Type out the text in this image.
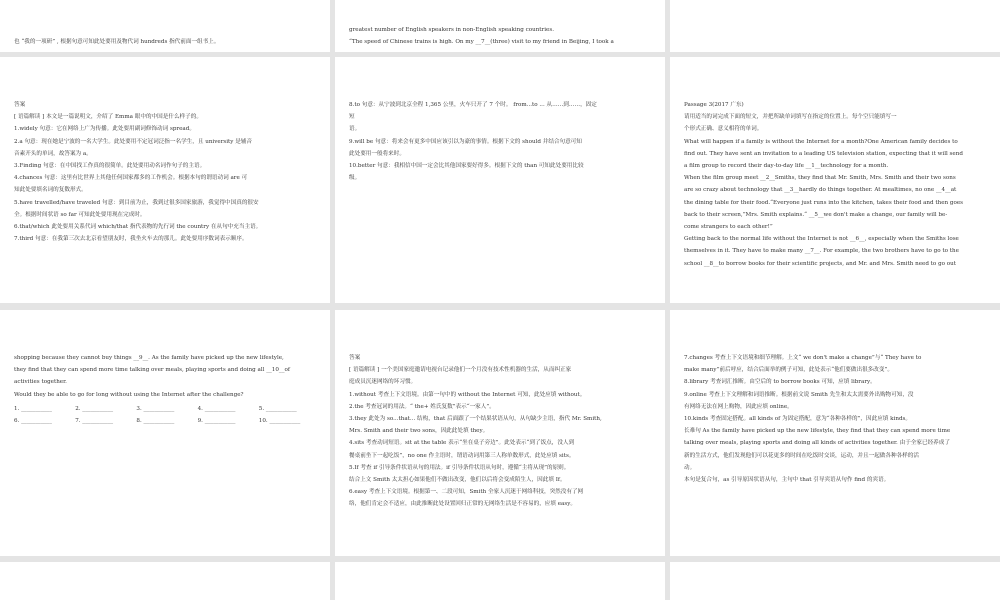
也 “我的一项研” , 根据句意可知此处要用及物代词 hundreds 指代前面一组书上。

greatest number of English speakers in non-English speaking countries.

“The speed of Chinese trains is high. On my __7__(three) visit to my friend in Beijing, I took a

答案

[ 语篇解读 ] 本文是一篇说明文，介绍了 Emma 眼中的中国是什么样子的。

1.widely 句意：它在网络上广为传播。此处要用副词修饰动词 spread。

2.a 句意：现在她是宁波的一名大学生。此处要用不定冠词泛指一名学生，且 university 是辅音

音素开头的单词，故答案为 a。

3.Finding 句意：在中国找工作真的很简单。此处要用动名词作句子的主语。

4.chances 句意：这里有比世界上其他任何国家都多的工作机会。根据本句的谓语动词 are 可

知此处要填名词的复数形式。

5.have travelled/have traveled 句意：到目前为止，我到过很多国家旅游，我觉得中国真的很安

全。根据时间状语 so far 可知此处要用现在完成时。

6.that/which 此处要用关系代词 which/that 指代表物的先行词 the country 在从句中充当主语。

7.third 句意：在我第三次去北京看望朋友时，我坐火车去的那儿。此处要用序数词表示顺序。

8.to 句意：从宁波到北京全程 1,365 公里，火车只开了 7 个时。 from...to ... 从……到……，固定

短

语。

9.will be 句意：将来会有更多中国应该引以为豪的事情。根据下文的 should 并结合句意可知

此处要用一般将来时。

10.better 句意：我相信中国一定会比其他国家要好得多。根据下文的 than 可知此处要用比较

级。

Passage 3(2017 广东)

请用适当的词完成下面的短文，并把所缺单词填写在指定的位置上。每个空只能填写一

个形式正确、意义相符的单词。

What will happen if a family is without the Internet for a month?One American family decides to

find out. They have sent an invitation to a leading US television station, expecting that it will send

a film group to record their day-to-day life __1__technology for a month.

When the film group meet __2__Smiths, they find that Mr. Smith, Mrs. Smith and their two sons

are so crazy about technology that __3__hardly do things together. At mealtimes, no one __4__at

the dining table for their food.“Everyone just runs into the kitchen, takes their food and then goes

back to their screen,”Mrs. Smith explains.“ __5__we don't make a change, our family will be-

come strangers to each other!”

Getting back to the normal life without the Internet is not __6__, especially when the Smiths lose

themselves in it. They have to make many __7__. For example, the two brothers have to go to the

school __8__to borrow books for their scientific projects, and Mr. and Mrs. Smith need to go out

shopping because they cannot buy things __9__. As the family have picked up the new lifestyle,

they find that they can spend more time talking over meals, playing sports and doing all __10__of

activities together.

Would they be able to go for long without using the Internet after the challenge?

1. ___________	2. ___________	3. ___________	4. ___________	5. ___________
6. ___________	7. ___________	8. ___________	9. ___________	10. ___________

答案

[ 语篇解读 ] 一个美国家庭邀请电视台记录他们一个月没有技术性机器的生活，从而纠正家

庭成员沉迷网络的坏习惯。

1.without 考查上下文语境。由第一句中的 without the Internet 可知，此处应填 without。

2.the 考查冠词的用法。“ the+ 姓氏复数”表示“一家人”。

3.they 此处为 so...that... 结构，that 后面跟了一个结果状语从句，从句缺少主语，指代 Mr. Smith,

Mrs. Smith and their two sons，因此此处填 they。

4.sits 考查动词短语。sit at the table 表示“坐在桌子旁边”。此处表示“到了饭点，没人到

餐桌前坐下一起吃饭”，no one 作主语时，谓语动词用第三人称单数形式，此处应填 sits。

5.If 考查 if 引导条件状语从句的用法。if 引导条件状语从句时，遵循“主将从现”的原则。

结合上文 Smith 太太担心如果他们不做出改变，他们以后将会变成陌生人，因此填 If。

6.easy 考查上下文语境。根据第一、二段可知，Smith 全家人沉迷于网络科技，突然没有了网

络，他们肯定会不适应，由此推断此处设置回归正常的无网络生活是不容易的，应填 easy。

7.changes 考查上下文语境和细节理解。上文“ we don't make a change”与“ They have to

make many”前后呼应，结合后面举的例子可知，此处表示“他们要做出很多改变”。

8.library 考查词汇推断。由空后的 to borrow books 可知，应填 library。

9.online 考查上下文理解和词语推断。根据前文说 Smith 先生和太太需要外出购物可知，没

有网络无法在网上购物，因此应填 online。

10.kinds 考查固定搭配。all kinds of 为固定搭配，意为“各种各样的”，因此应填 kinds。

长难句 As the family have picked up the new lifestyle, they find that they can spend more time

talking over meals, playing sports and doing all kinds of activities together. 由于全家已经养成了

新的生活方式，他们发现他们可以花更多的时间在吃饭时交谈，运动，并且一起做各种各样的活

动。

本句是复合句，as 引导原因状语从句，主句中 that 引导宾语从句作 find 的宾语。
